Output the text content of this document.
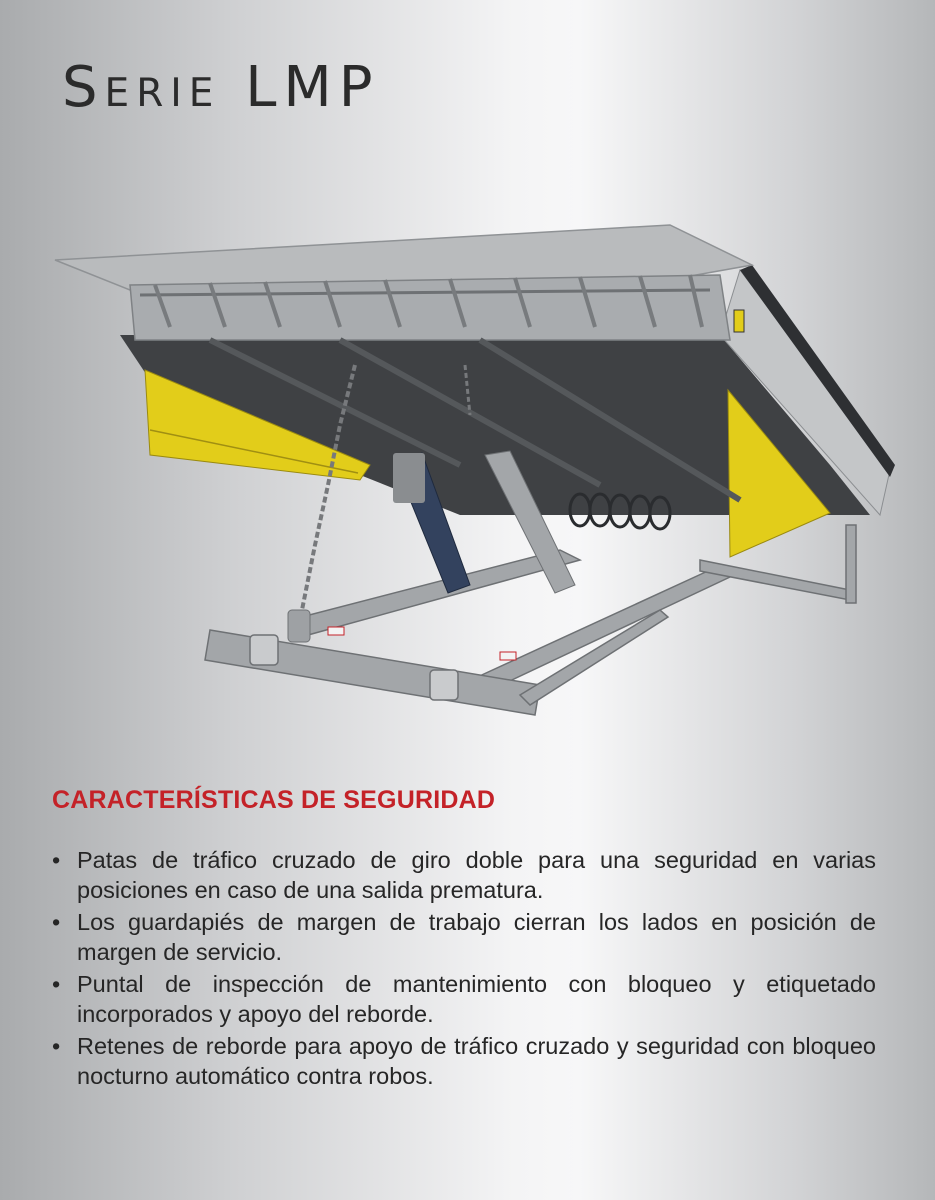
Serie LMP
CARACTERÍSTICAS DE SEGURIDAD
• Patas de tráfico cruzado de giro doble para una seguridad en varias posiciones en caso de una salida prematura.
• Los guardapiés de margen de trabajo cierran los lados en posición de margen de servicio.
• Puntal de inspección de mantenimiento con bloqueo y etiquetado incorporados y apoyo del reborde.
• Retenes de reborde para apoyo de tráfico cruzado y seguridad con bloqueo nocturno automático contra robos.
